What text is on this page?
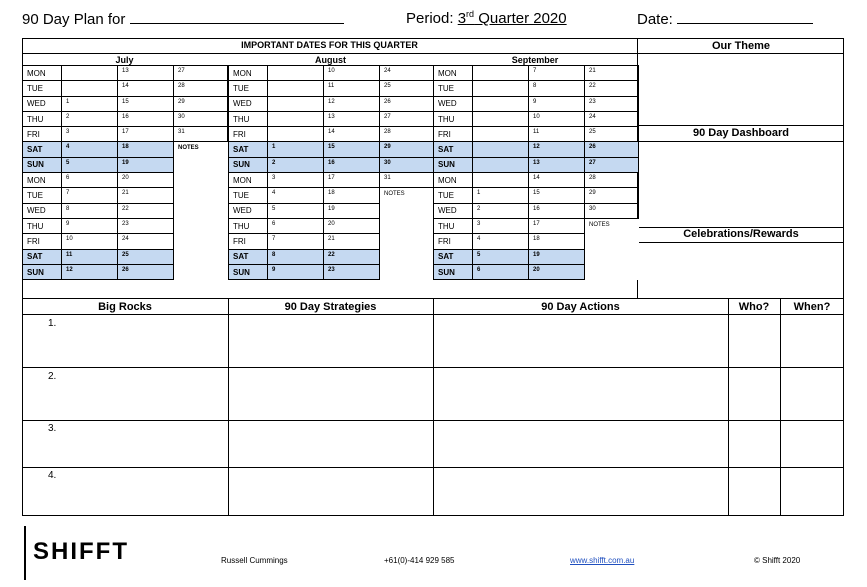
90 Day Plan for	Period: 3rd Quarter 2020	Date:
IMPORTANT DATES FOR THIS QUARTER
July	August	September
MON		13	27
TUE		14	28
WED	1	15	29
THU	2	16	30
FRI	3	17	31
SAT	4	18	NOTES
SUN	5	19	
MON	6	20	
TUE	7	21	
WED	8	22	
THU	9	23	
FRI	10	24	
SAT	11	25	
SUN	12	26	
MON		10	24
TUE		11	25
WED		12	26
THU		13	27
FRI		14	28
SAT	1	15	29
SUN	2	16	30
MON	3	17	31
TUE	4	18	NOTES
WED	5	19	
THU	6	20	
FRI	7	21	
SAT	8	22	
SUN	9	23	
MON		7	21
TUE		8	22
WED		9	23
THU		10	24
FRI		11	25
SAT		12	26
SUN		13	27
MON		14	28
TUE	1	15	29
WED	2	16	30
THU	3	17	NOTES
FRI	4	18	
SAT	5	19	
SUN	6	20	
Our Theme
90 Day Dashboard
Celebrations/Rewards
Big Rocks	90 Day Strategies	90 Day Actions	Who?	When?
1.
2.
3.
4.
SHIFFT	Russell Cummings	+61(0)-414 929 585	www.shifft.com.au	© Shifft 2020
